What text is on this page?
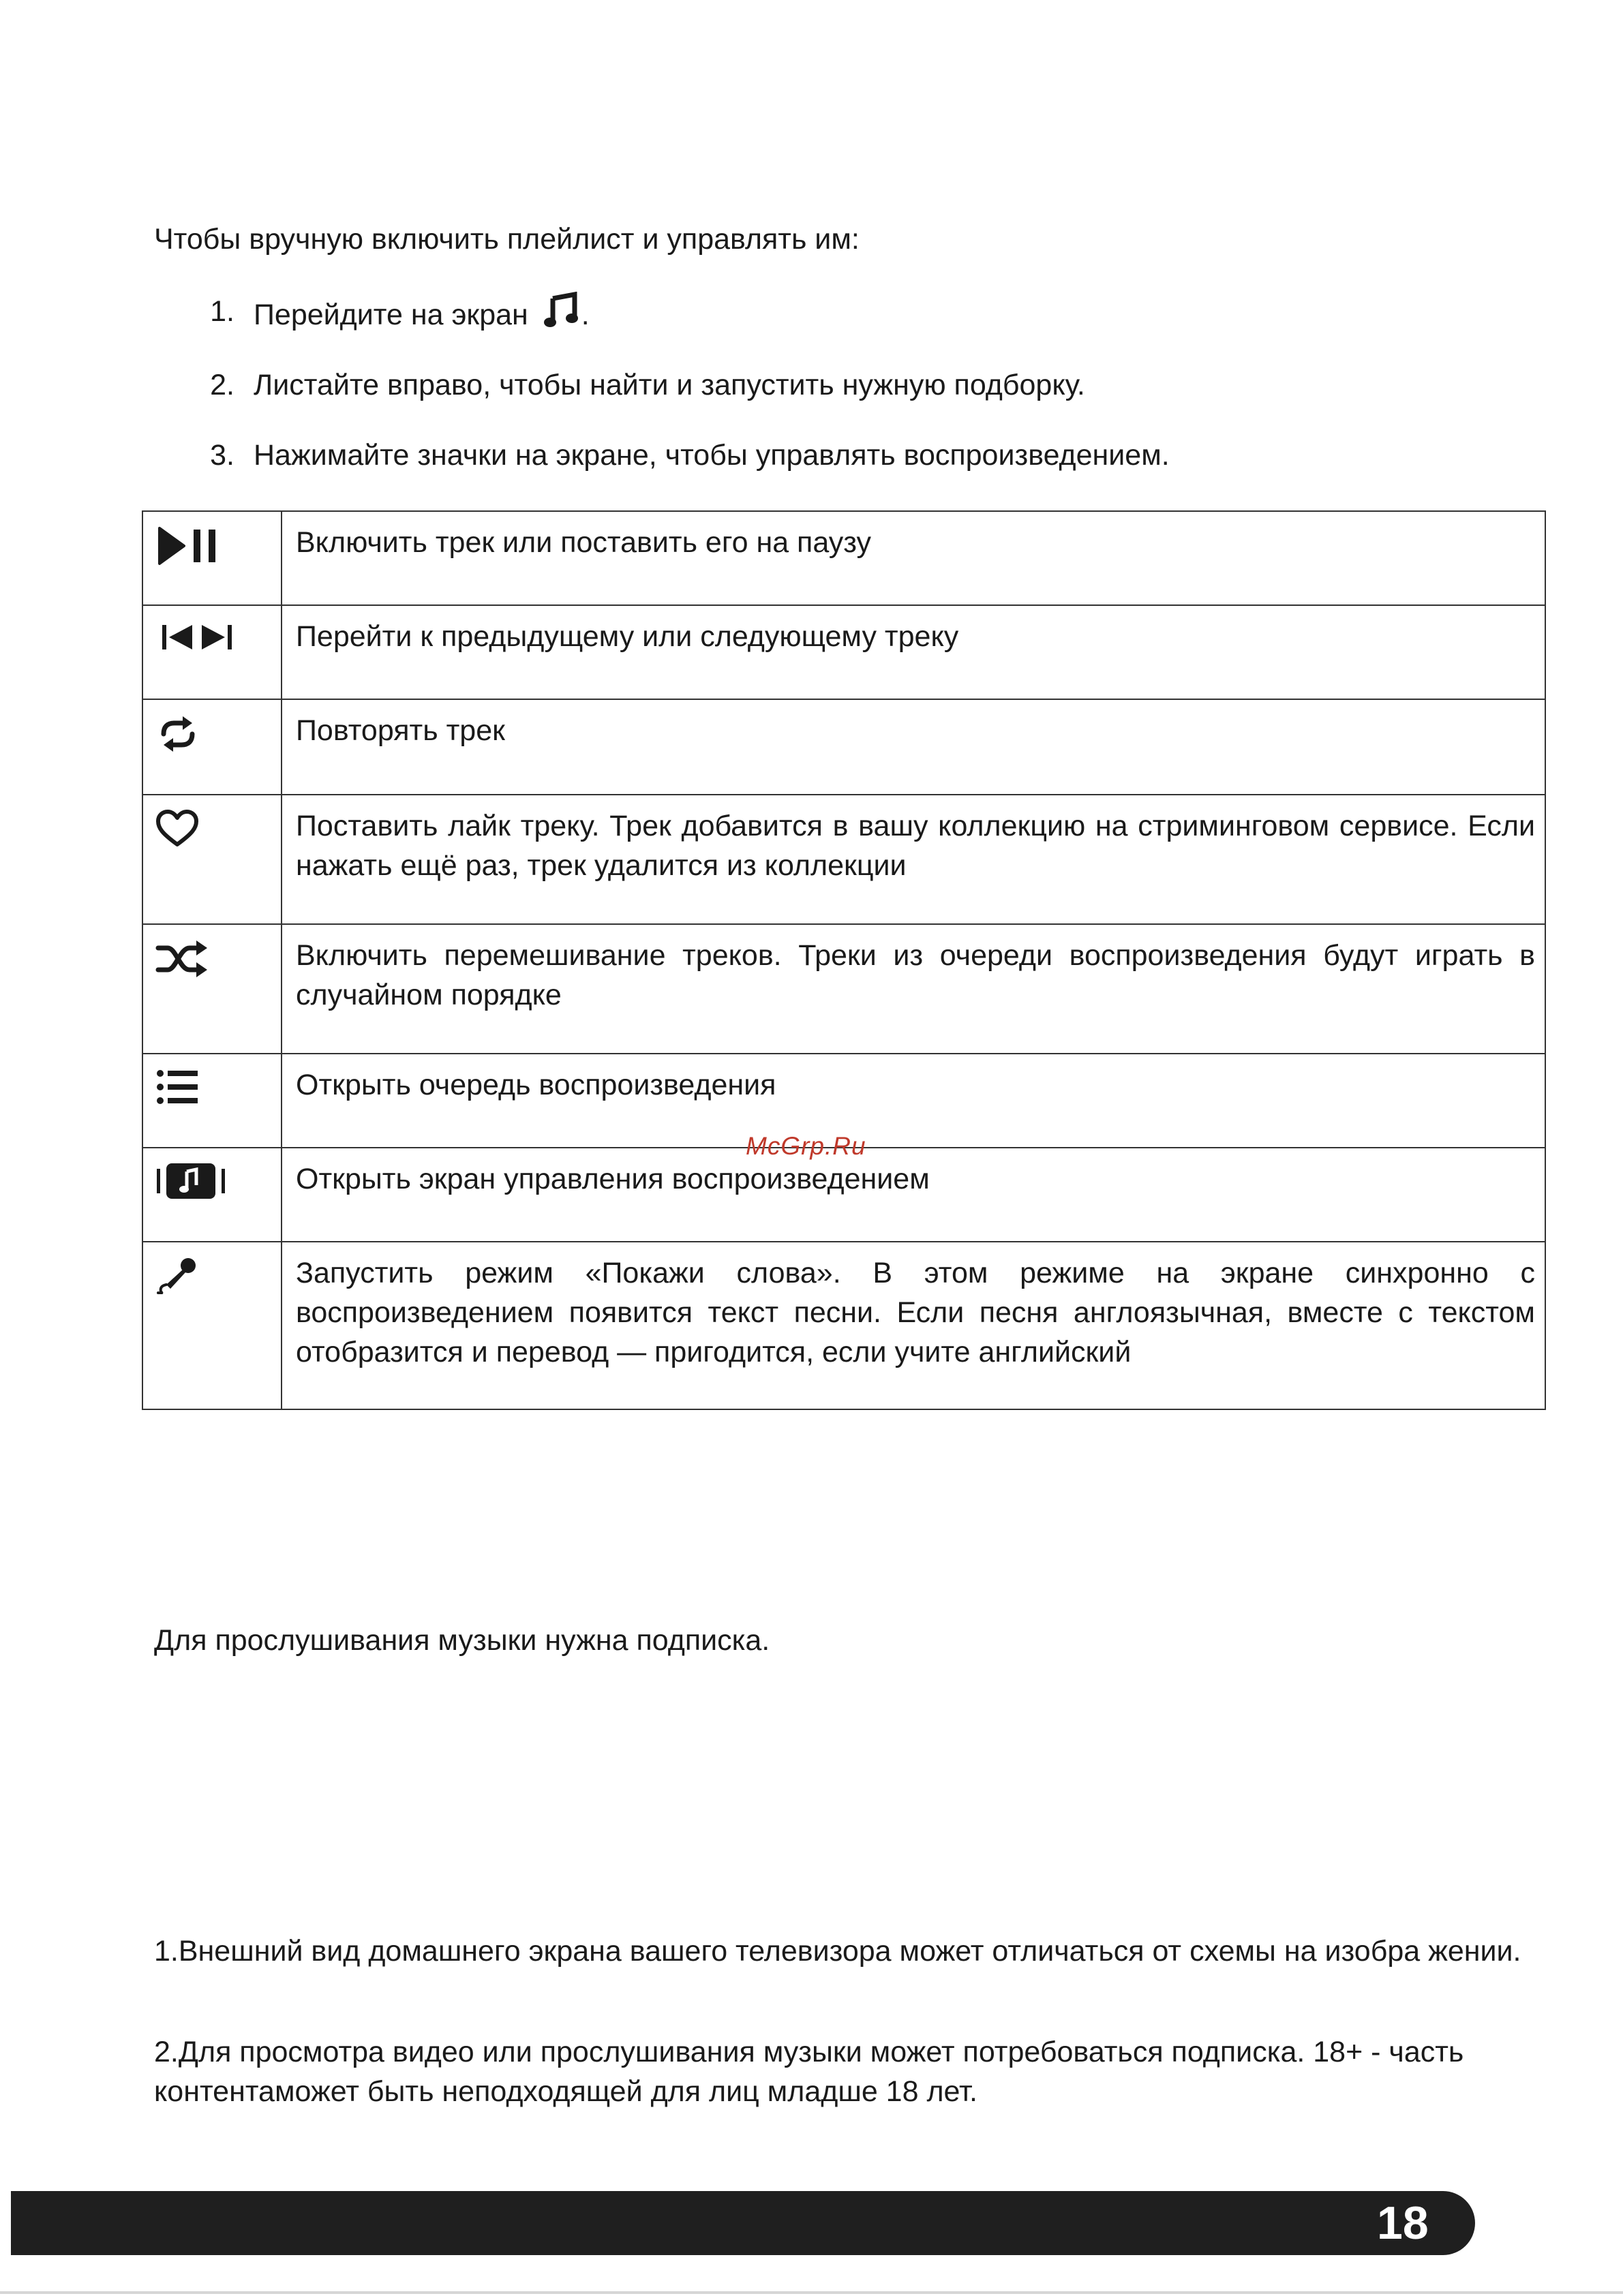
Чтобы вручную включить плейлист и управлять им:

1. Перейдите на экран .
2. Листайте вправо, чтобы найти и запустить нужную подборку.
3. Нажимайте значки на экране, чтобы управлять воспроизведением.
	Включить трек или поставить его на паузу

	Перейти к предыдущему или следующему треку

	Повторять трек

	Поставить лайк треку. Трек добавится в вашу коллекцию на стриминговом сервисе. Если нажать ещё раз, трек удалится из коллекции

	Включить перемешивание треков. Треки из очереди воспроизведения будут играть в случайном порядке

	Открыть очередь воспроизведения

	Открыть экран управления воспроизведением

	Запустить режим «Покажи слова». В этом режиме на экране синхронно с воспроизведением появится текст песни. Если песня англоязычная, вместе с текстом отобразится и перевод — пригодится, если учите английский
McGrp.Ru

Для прослушивания музыки нужна подписка.

1.Внешний вид домашнего экрана вашего телевизора может отличаться от схемы на изобра жении.

2.Для просмотра видео или прослушивания музыки может потребоваться подписка. 18+ - часть контентаможет быть неподходящей для лиц младше 18 лет.

18
